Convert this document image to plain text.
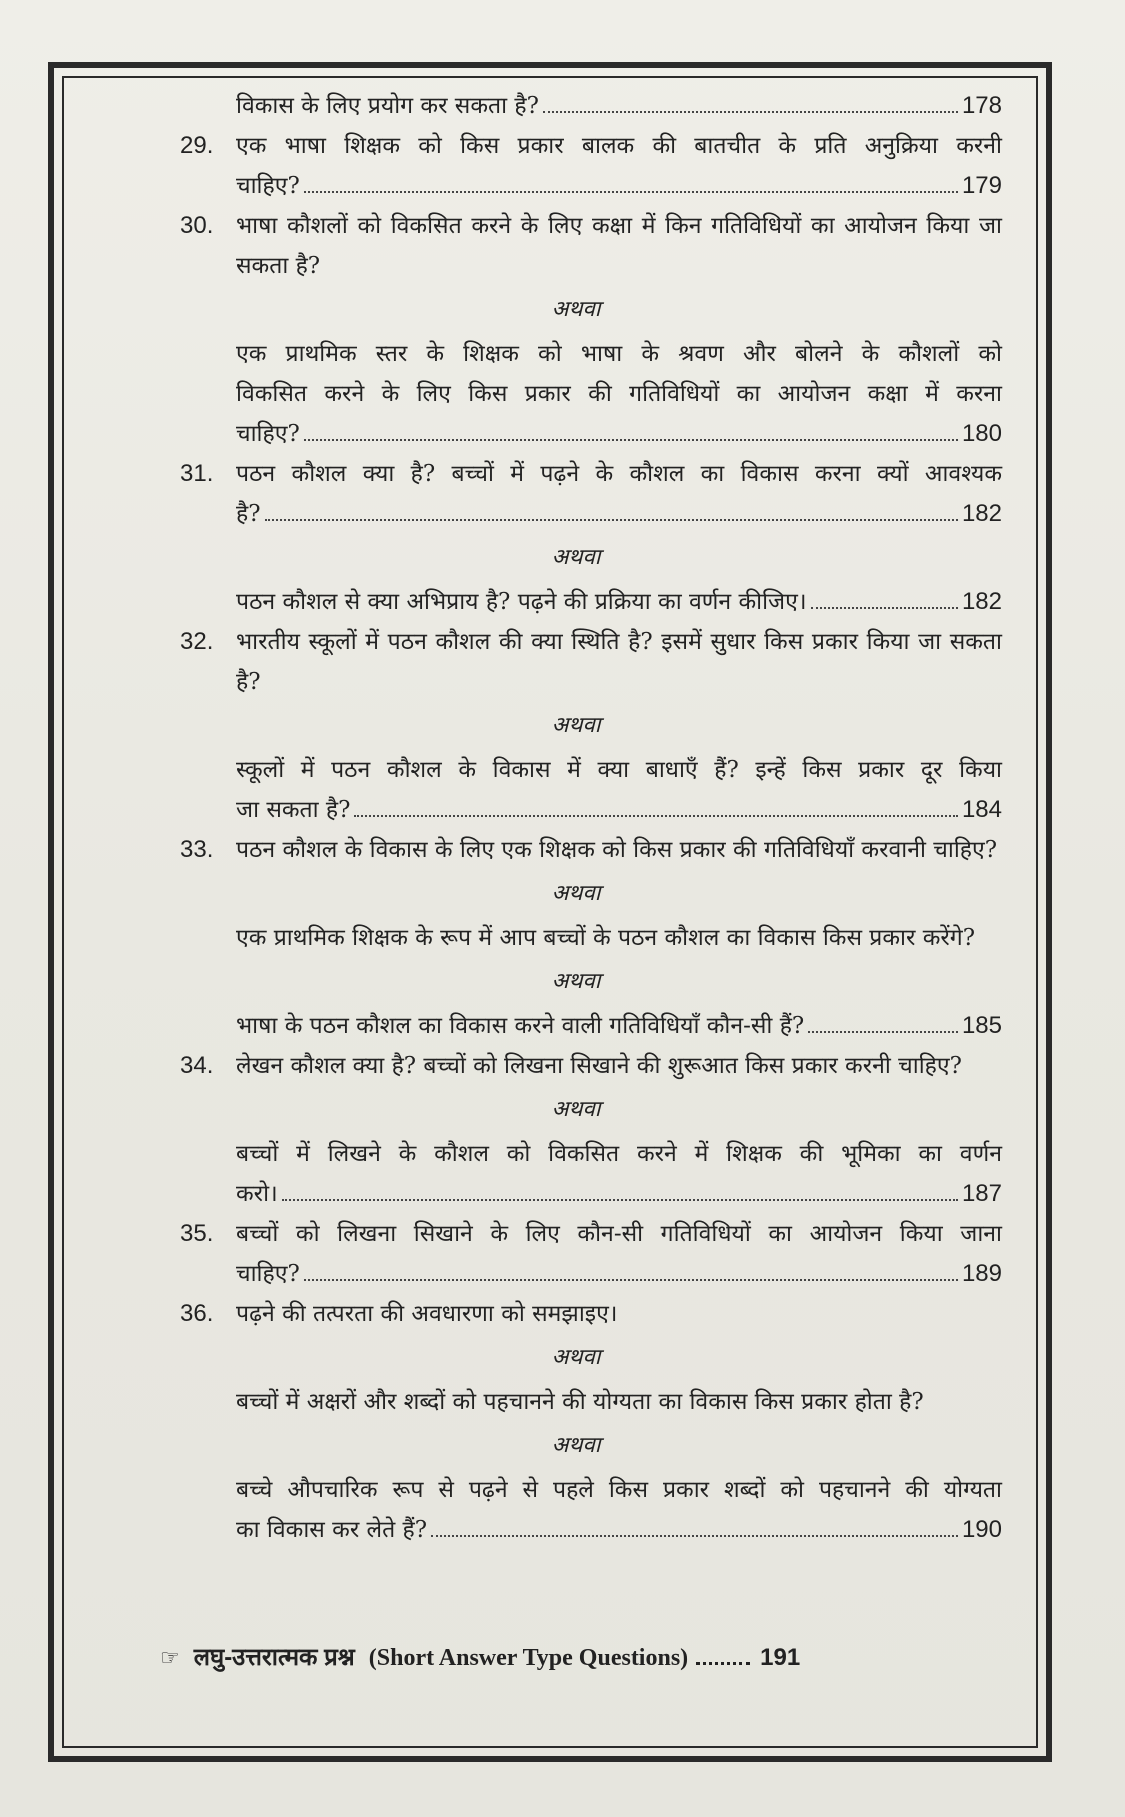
विकास के लिए प्रयोग कर सकता है?	178
29. एक भाषा शिक्षक को किस प्रकार बालक की बातचीत के प्रति अनुक्रिया करनी
चाहिए?	179
30. भाषा कौशलों को विकसित करने के लिए कक्षा में किन गतिविधियों का आयोजन किया जा सकता है?

अथवा
एक प्राथमिक स्तर के शिक्षक को भाषा के श्रवण और बोलने के कौशलों को
विकसित करने के लिए किस प्रकार की गतिविधियों का आयोजन कक्षा में करना
चाहिए?	180
31. पठन कौशल क्या है? बच्चों में पढ़ने के कौशल का विकास करना क्यों आवश्यक
है?	182
अथवा
पठन कौशल से क्या अभिप्राय है? पढ़ने की प्रक्रिया का वर्णन कीजिए।	182
32. भारतीय स्कूलों में पठन कौशल की क्या स्थिति है? इसमें सुधार किस प्रकार किया जा सकता है?

अथवा
स्कूलों में पठन कौशल के विकास में क्या बाधाएँ हैं? इन्हें किस प्रकार दूर किया
जा सकता है?	184
33. पठन कौशल के विकास के लिए एक शिक्षक को किस प्रकार की गतिविधियाँ करवानी चाहिए?

अथवा

एक प्राथमिक शिक्षक के रूप में आप बच्चों के पठन कौशल का विकास किस प्रकार करेंगे?

अथवा
भाषा के पठन कौशल का विकास करने वाली गतिविधियाँ कौन-सी हैं?	185
34. लेखन कौशल क्या है? बच्चों को लिखना सिखाने की शुरूआत किस प्रकार करनी चाहिए?

अथवा
बच्चों में लिखने के कौशल को विकसित करने में शिक्षक की भूमिका का वर्णन
करो।	187
35. बच्चों को लिखना सिखाने के लिए कौन-सी गतिविधियों का आयोजन किया जाना
चाहिए?	189
36. पढ़ने की तत्परता की अवधारणा को समझाइए।

अथवा

बच्चों में अक्षरों और शब्दों को पहचानने की योग्यता का विकास किस प्रकार होता है?

अथवा
बच्चे औपचारिक रूप से पढ़ने से पहले किस प्रकार शब्दों को पहचानने की योग्यता
का विकास कर लेते हैं?	190
☞ लघु-उत्तरात्मक प्रश्न (Short Answer Type Questions)	191
